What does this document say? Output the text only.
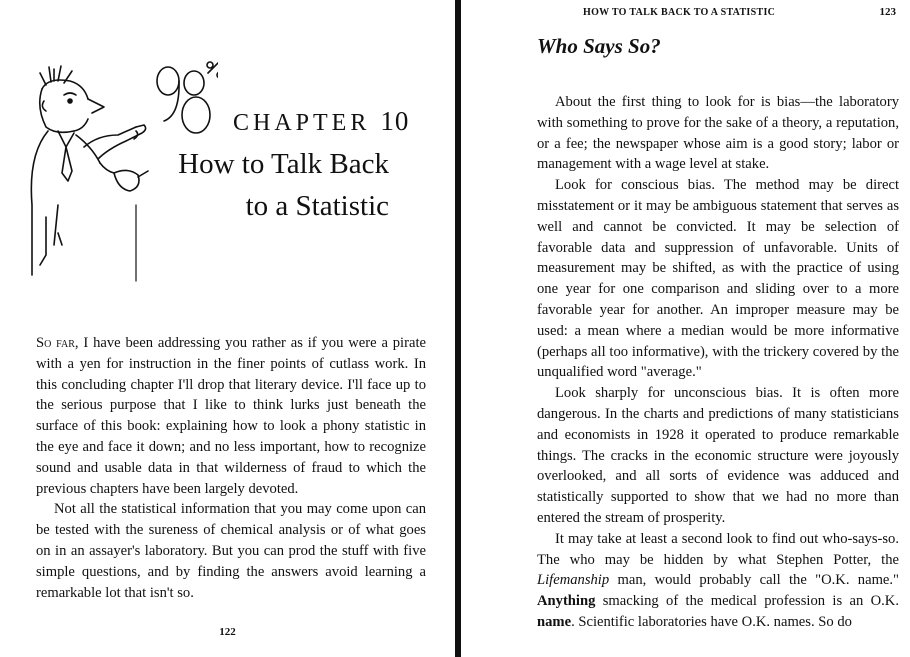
98%
CHAPTER 10
How to Talk Back
to a Statistic

So far, I have been addressing you rather as if you were a pirate with a yen for instruction in the finer points of cutlass work. In this concluding chapter I'll drop that literary device. I'll face up to the serious purpose that I like to think lurks just beneath the surface of this book: explaining how to look a phony statistic in the eye and face it down; and no less important, how to recognize sound and usable data in that wilderness of fraud to which the previous chapters have been largely devoted.

Not all the statistical information that you may come upon can be tested with the sureness of chemical analysis or of what goes on in an assayer's laboratory. But you can prod the stuff with five simple questions, and by finding the answers avoid learning a remarkable lot that isn't so.

122
HOW TO TALK BACK TO A STATISTIC	123
Who Says So?

About the first thing to look for is bias—the laboratory with something to prove for the sake of a theory, a reputation, or a fee; the newspaper whose aim is a good story; labor or management with a wage level at stake.

Look for conscious bias. The method may be direct misstatement or it may be ambiguous statement that serves as well and cannot be convicted. It may be selection of favorable data and suppression of unfavorable. Units of measurement may be shifted, as with the practice of using one year for one comparison and sliding over to a more favorable year for another. An improper measure may be used: a mean where a median would be more informative (perhaps all too informative), with the trickery covered by the unqualified word "average."

Look sharply for unconscious bias. It is often more dangerous. In the charts and predictions of many statisticians and economists in 1928 it operated to produce remarkable things. The cracks in the economic structure were joyously overlooked, and all sorts of evidence was adduced and statistically supported to show that we had no more than entered the stream of prosperity.

It may take at least a second look to find out who-says-so. The who may be hidden by what Stephen Potter, the Lifemanship man, would probably call the "O.K. name." Anything smacking of the medical profession is an O.K. name. Scientific laboratories have O.K. names. So do
